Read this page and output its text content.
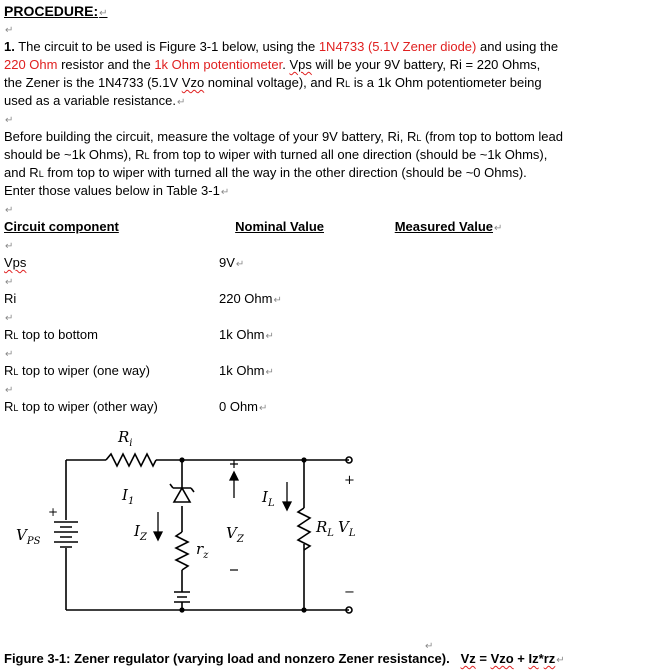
PROCEDURE:↵
↵
1. The circuit to be used is Figure 3-1 below, using the 1N4733 (5.1V Zener diode) and using the
220 Ohm resistor and the 1k Ohm potentiometer. Vps will be your 9V battery, Ri = 220 Ohms,
the Zener is the 1N4733 (5.1V Vzo nominal voltage), and RL is a 1k Ohm potentiometer being
used as a variable resistance.↵
↵
Before building the circuit, measure the voltage of your 9V battery, Ri, RL (from top to bottom lead
should be ~1k Ohms), RL from top to wiper with turned all one direction (should be ~1k Ohms),
and RL from top to wiper with turned all the way in the other direction (should be ~0 Ohms).
Enter those values below in Table 3-1↵
↵
Circuit component	Nominal Value	Measured Value↵
↵
Vps	9V↵
↵
Ri	220 Ohm↵
↵
RL top to bottom	1k Ohm↵
↵
RL top to wiper (one way)	1k Ohm↵
↵
RL top to wiper (other way)	0 Ohm↵
$R_i$
$I_1$
$I_Z$
$r_z$
$V_Z$
$I_L$
$R_L$ $V_L$
$V_{PS}$
+
+
−
↵
Figure 3-1: Zener regulator (varying load and nonzero Zener resistance). Vz = Vzo + Iz*rz↵
